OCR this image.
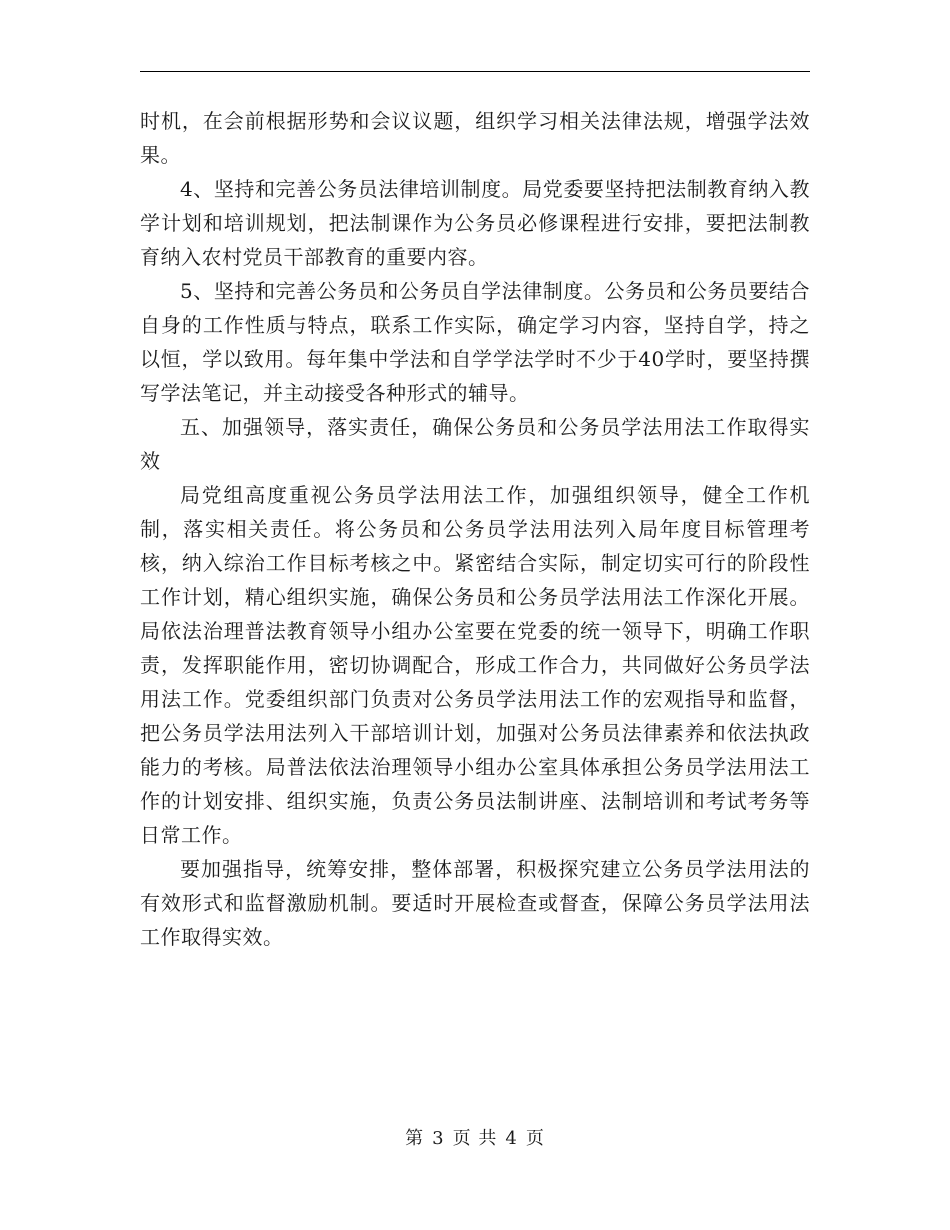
时机，在会前根据形势和会议议题，组织学习相关法律法规，增强学法效果。

4、坚持和完善公务员法律培训制度。局党委要坚持把法制教育纳入教学计划和培训规划，把法制课作为公务员必修课程进行安排，要把法制教育纳入农村党员干部教育的重要内容。

5、坚持和完善公务员和公务员自学法律制度。公务员和公务员要结合自身的工作性质与特点，联系工作实际，确定学习内容，坚持自学，持之以恒，学以致用。每年集中学法和自学学法学时不少于40学时，要坚持撰写学法笔记，并主动接受各种形式的辅导。

五、加强领导，落实责任，确保公务员和公务员学法用法工作取得实效

局党组高度重视公务员学法用法工作，加强组织领导，健全工作机制，落实相关责任。将公务员和公务员学法用法列入局年度目标管理考核，纳入综治工作目标考核之中。紧密结合实际，制定切实可行的阶段性工作计划，精心组织实施，确保公务员和公务员学法用法工作深化开展。局依法治理普法教育领导小组办公室要在党委的统一领导下，明确工作职责，发挥职能作用，密切协调配合，形成工作合力，共同做好公务员学法用法工作。党委组织部门负责对公务员学法用法工作的宏观指导和监督，把公务员学法用法列入干部培训计划，加强对公务员法律素养和依法执政能力的考核。局普法依法治理领导小组办公室具体承担公务员学法用法工作的计划安排、组织实施，负责公务员法制讲座、法制培训和考试考务等日常工作。

要加强指导，统筹安排，整体部署，积极探究建立公务员学法用法的有效形式和监督激励机制。要适时开展检查或督查，保障公务员学法用法工作取得实效。

第 3 页 共 4 页
